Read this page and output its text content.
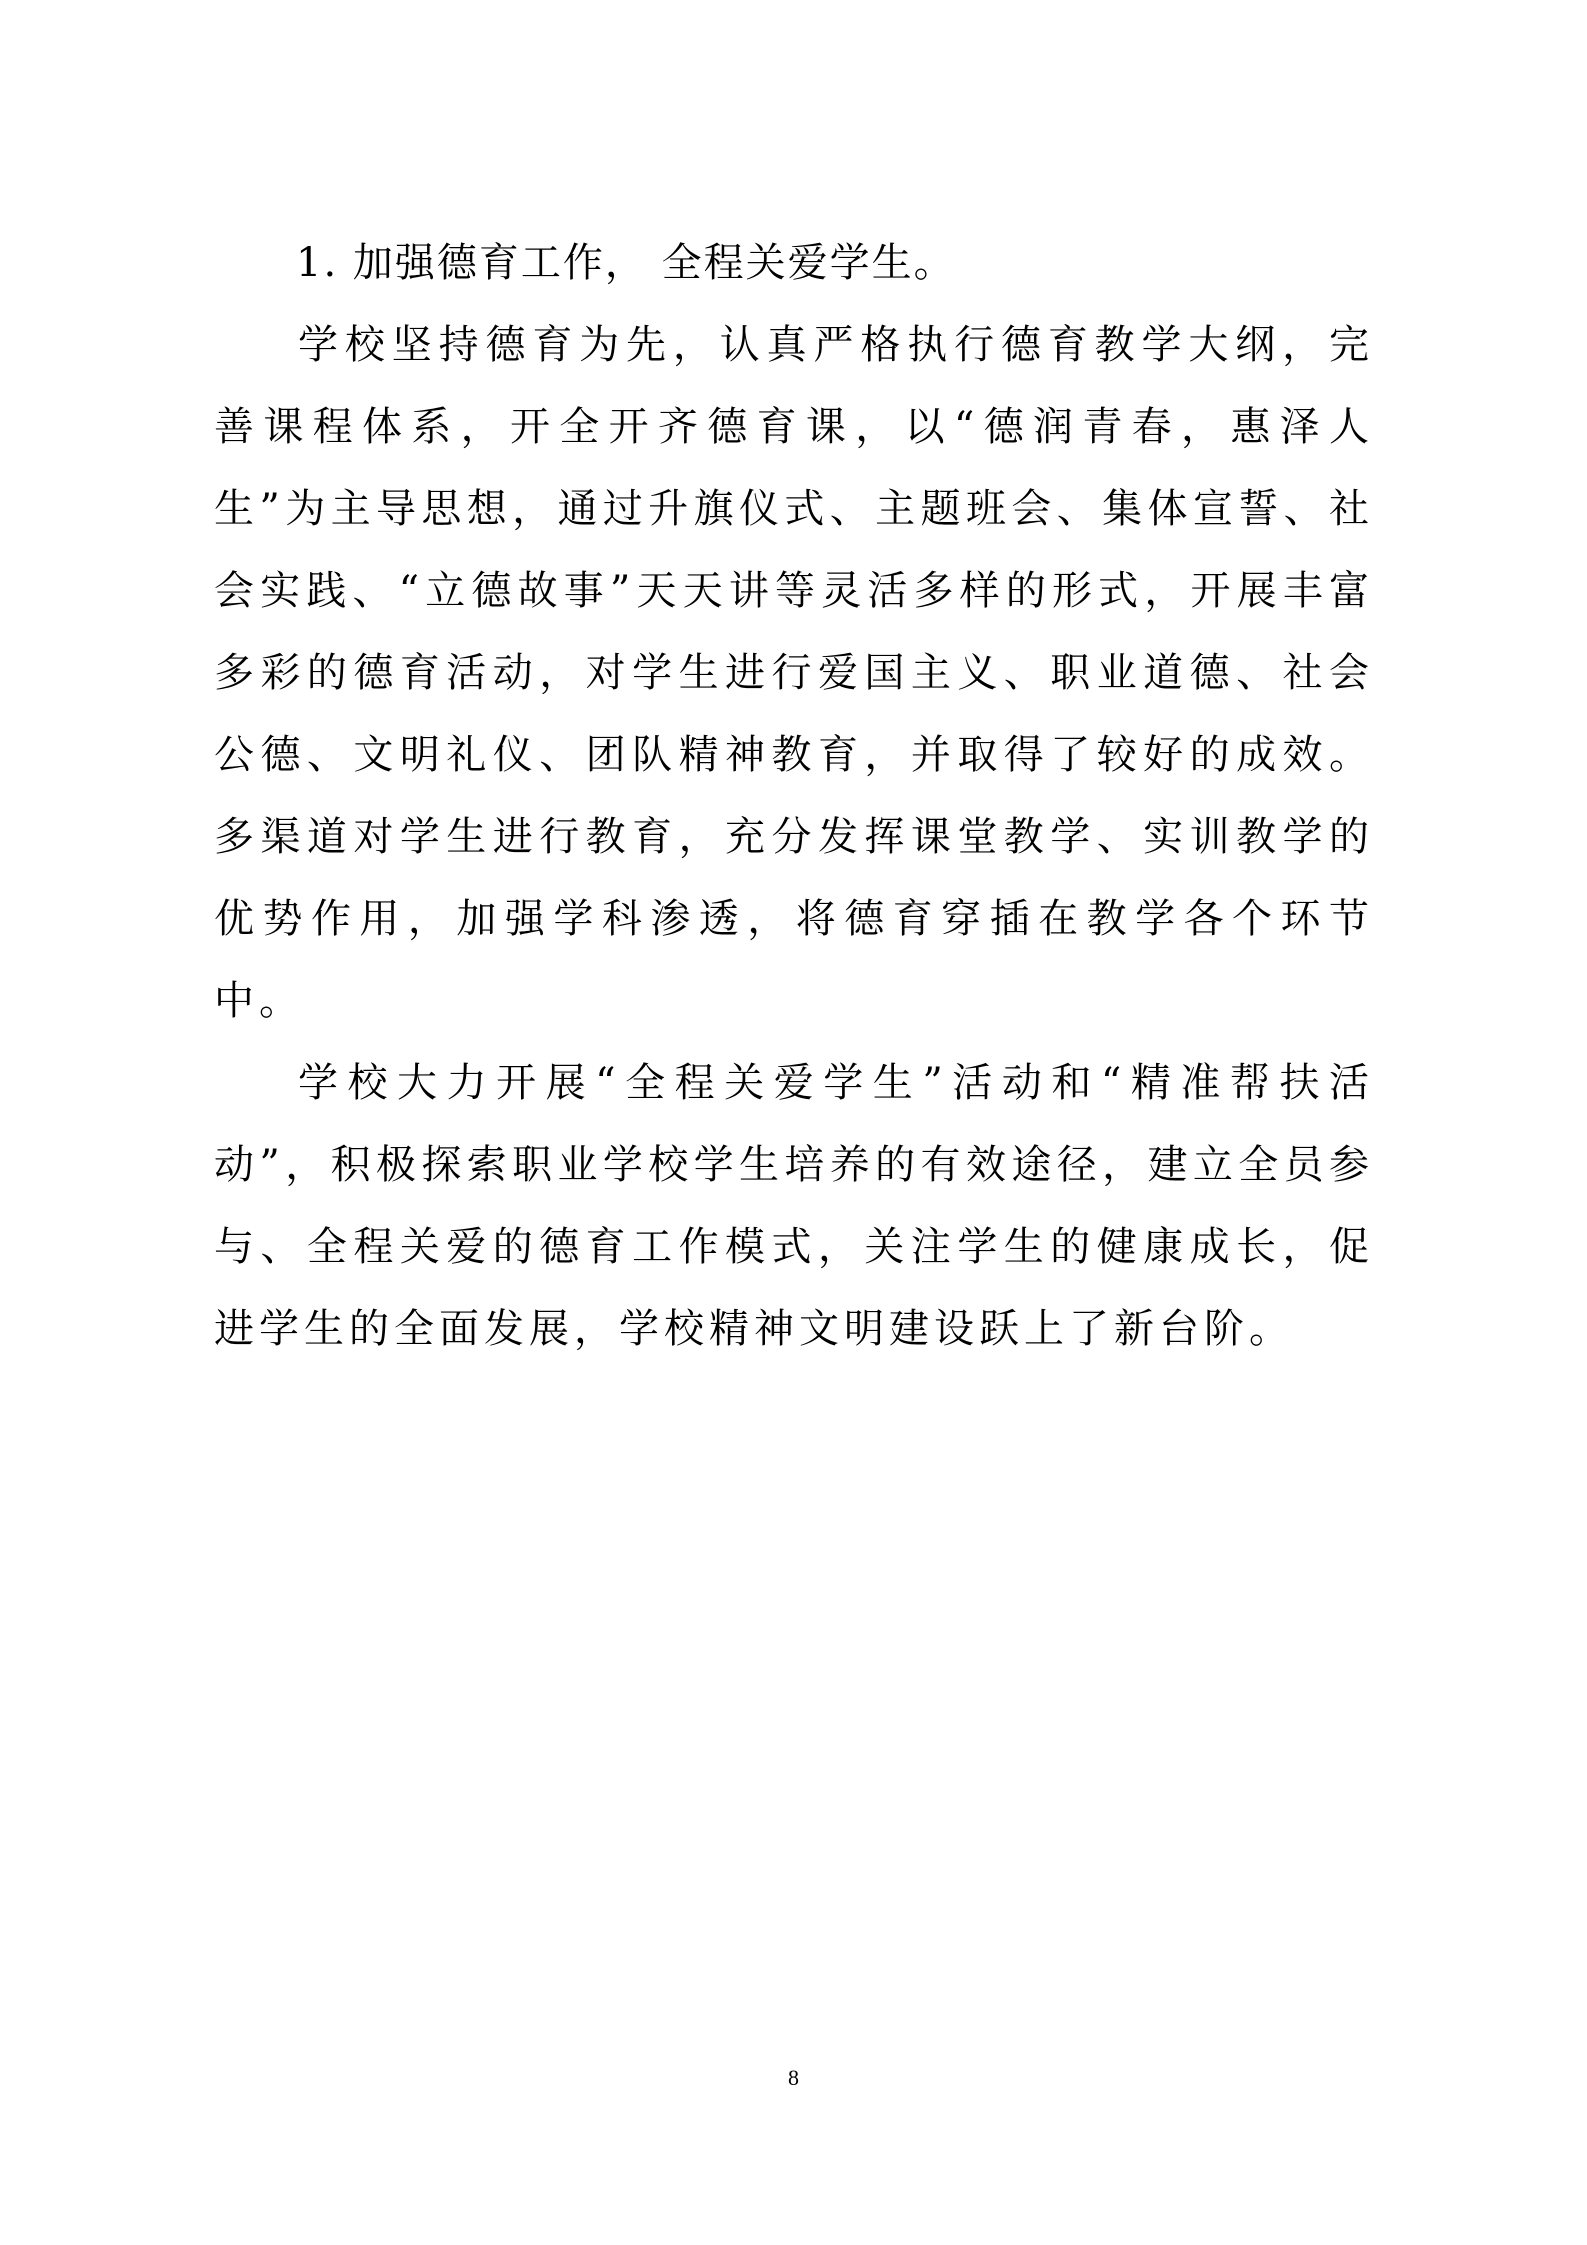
1. 加强德育工作， 全程关爱学生。

学校坚持德育为先，认真严格执行德育教学大纲，完善课程体系，开全开齐德育课，以“德润青春，惠泽人生”为主导思想，通过升旗仪式、主题班会、集体宣誓、社会实践、“立德故事”天天讲等灵活多样的形式，开展丰富多彩的德育活动，对学生进行爱国主义、职业道德、社会公德、文明礼仪、团队精神教育，并取得了较好的成效。多渠道对学生进行教育，充分发挥课堂教学、实训教学的优势作用，加强学科渗透，将德育穿插在教学各个环节中。

学校大力开展“全程关爱学生”活动和“精准帮扶活动”，积极探索职业学校学生培养的有效途径，建立全员参与、全程关爱的德育工作模式，关注学生的健康成长，促进学生的全面发展，学校精神文明建设跃上了新台阶。

8
